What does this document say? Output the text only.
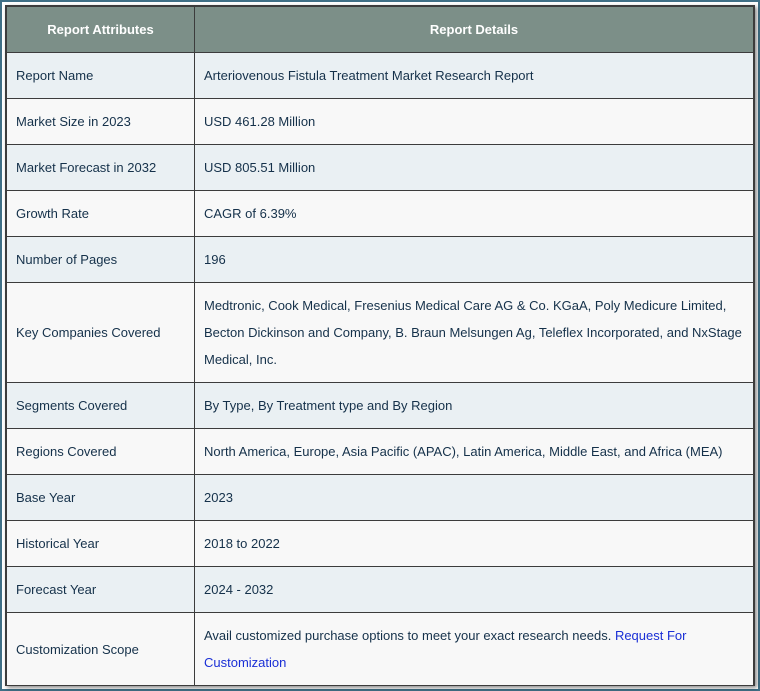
Report Attributes	Report Details
Report Name	Arteriovenous Fistula Treatment Market Research Report
Market Size in 2023	USD 461.28 Million
Market Forecast in 2032	USD 805.51 Million
Growth Rate	CAGR of 6.39%
Number of Pages	196
Key Companies Covered	Medtronic, Cook Medical, Fresenius Medical Care AG & Co. KGaA, Poly Medicure Limited, Becton Dickinson and Company, B. Braun Melsungen Ag, Teleflex Incorporated, and NxStage Medical, Inc.
Segments Covered	By Type, By Treatment type and By Region
Regions Covered	North America, Europe, Asia Pacific (APAC), Latin America, Middle East, and Africa (MEA)
Base Year	2023
Historical Year	2018 to 2022
Forecast Year	2024 - 2032
Customization Scope	Avail customized purchase options to meet your exact research needs. Request For Customization
